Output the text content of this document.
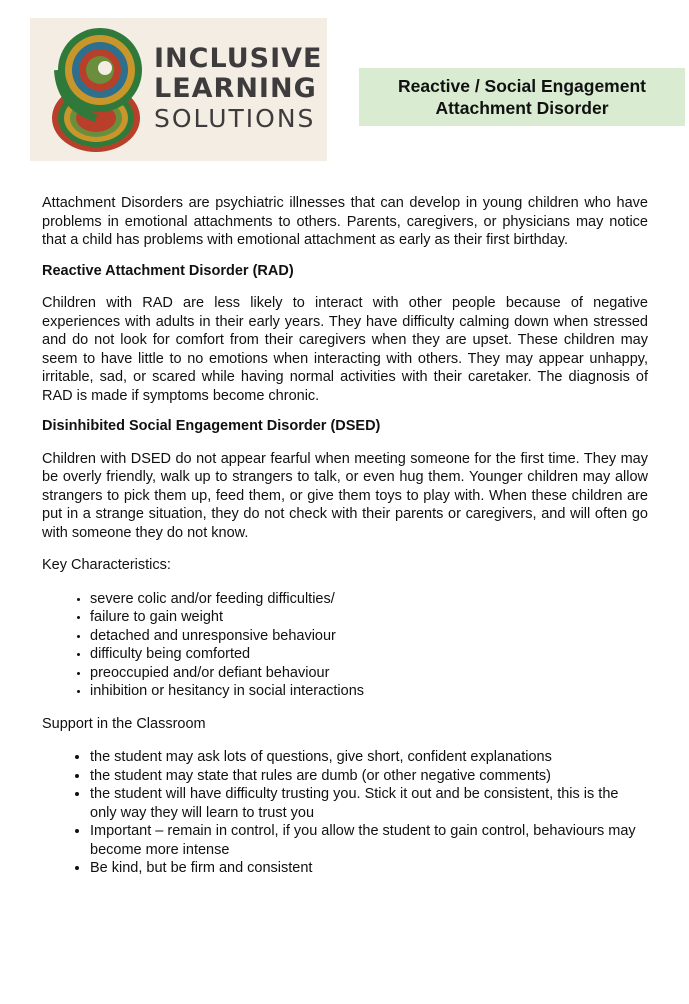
INCLUSIVE
LEARNING
SOLUTIONS
Reactive / Social Engagement
Attachment Disorder

Attachment Disorders are psychiatric illnesses that can develop in young children who have problems in emotional attachments to others. Parents, caregivers, or physicians may notice that a child has problems with emotional attachment as early as their first birthday.

Reactive Attachment Disorder (RAD)

Children with RAD are less likely to interact with other people because of negative experiences with adults in their early years. They have difficulty calming down when stressed and do not look for comfort from their caregivers when they are upset. These children may seem to have little to no emotions when interacting with others. They may appear unhappy, irritable, sad, or scared while having normal activities with their caretaker. The diagnosis of RAD is made if symptoms become chronic.

Disinhibited Social Engagement Disorder (DSED)

Children with DSED do not appear fearful when meeting someone for the first time. They may be overly friendly, walk up to strangers to talk, or even hug them. Younger children may allow strangers to pick them up, feed them, or give them toys to play with. When these children are put in a strange situation, they do not check with their parents or caregivers, and will often go with someone they do not know.

Key Characteristics:
• severe colic and/or feeding difficulties/
• failure to gain weight
• detached and unresponsive behaviour
• difficulty being comforted
• preoccupied and/or defiant behaviour
• inhibition or hesitancy in social interactions
Support in the Classroom
• the student may ask lots of questions, give short, confident explanations
• the student may state that rules are dumb (or other negative comments)
• the student will have difficulty trusting you. Stick it out and be consistent, this is the only way they will learn to trust you
• Important – remain in control, if you allow the student to gain control, behaviours may become more intense
• Be kind, but be firm and consistent
